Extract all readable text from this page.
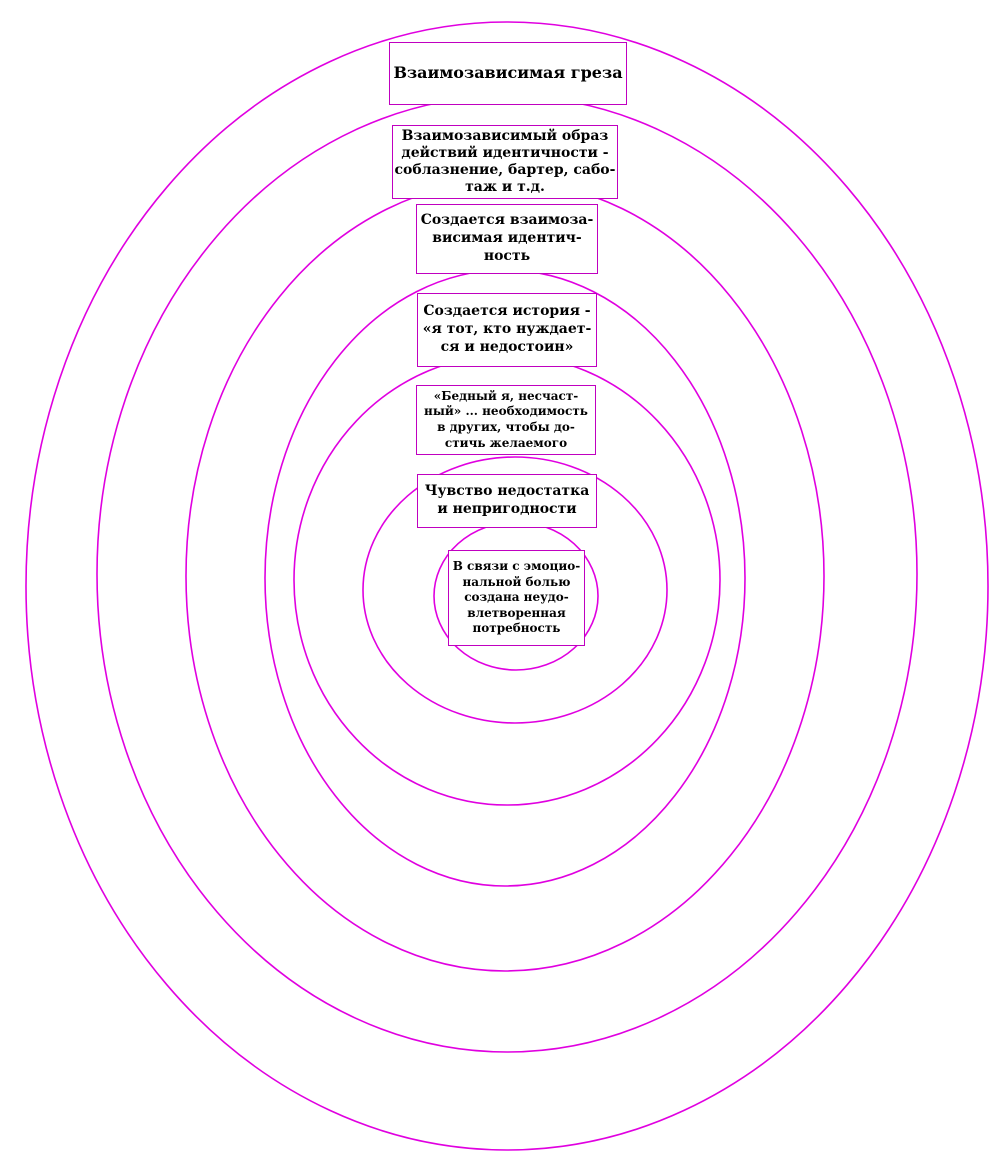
Взаимозависимая греза
Взаимозависимый образ
действий идентичности -
соблазнение, бартер, сабо-
таж и т.д.
Создается взаимоза-
висимая идентич-
ность
Создается история -
«я тот, кто нуждает-
ся и недостоин»
«Бедный я, несчаст-
ный» ... необходимость
в других, чтобы до-
стичь желаемого
Чувство недостатка
и непригодности
В связи с эмоцио-
нальной болью
создана неудо-
влетворенная
потребность
